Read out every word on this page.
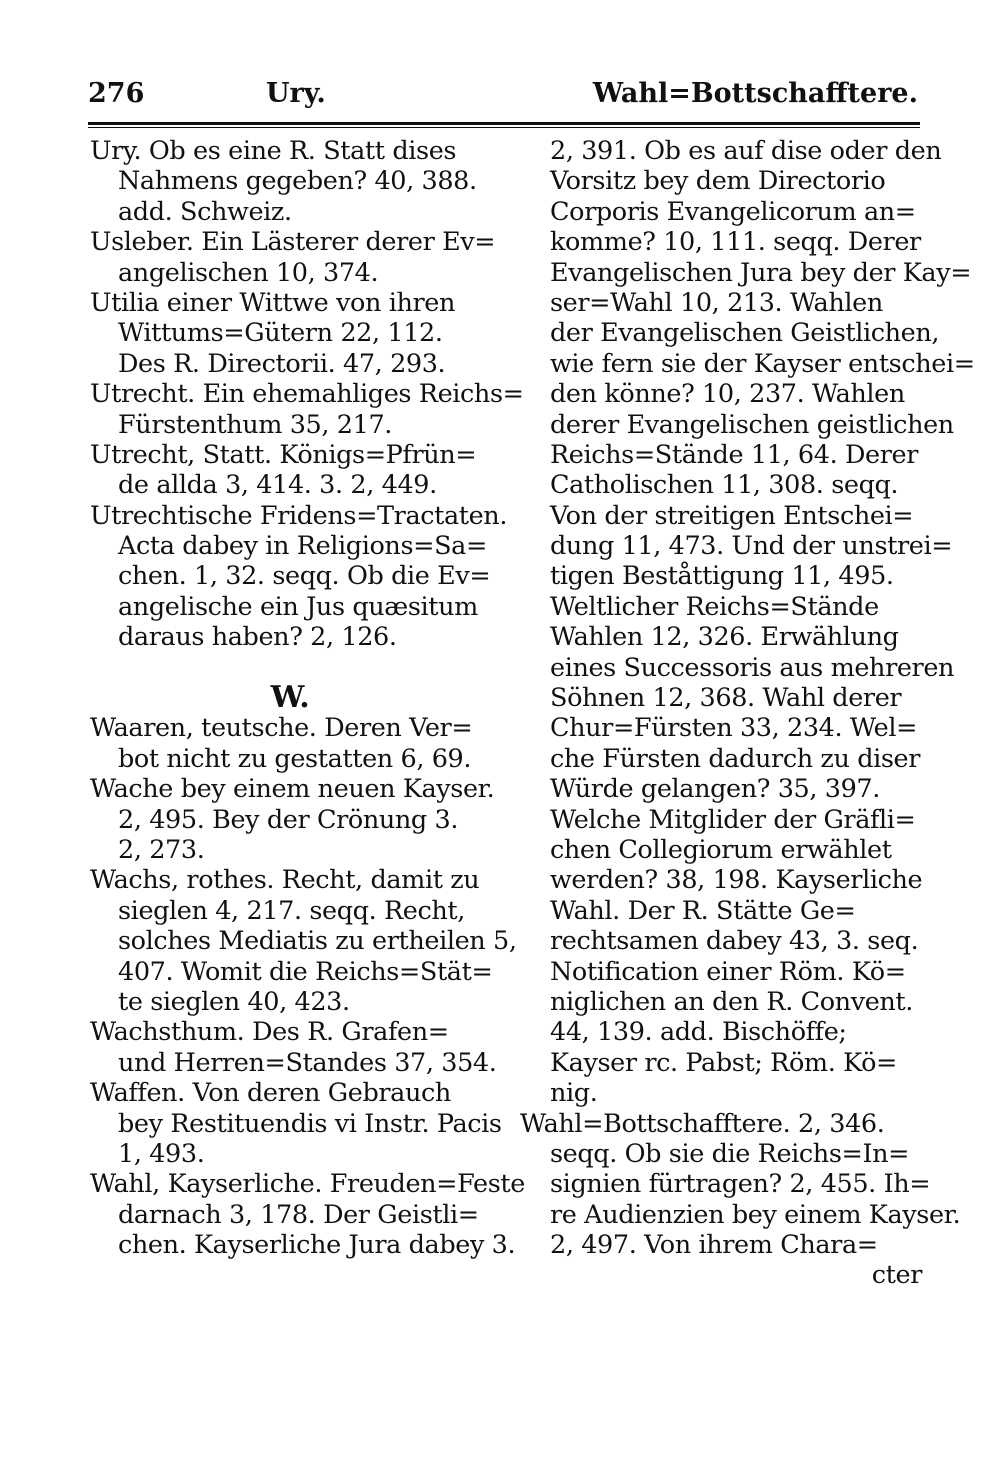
276	Ury.	Wahl=Bottschafftere.
Ury. Ob es eine R. Statt dises
Nahmens gegeben? 40, 388.
add. Schweiz.
Usleber. Ein Lästerer derer Ev=
angelischen 10, 374.
Utilia einer Wittwe von ihren
Wittums=Gütern 22, 112.
Des R. Directorii. 47, 293.
Utrecht. Ein ehemahliges Reichs=
Fürstenthum 35, 217.
Utrecht, Statt. Königs=Pfrün=
de allda 3, 414. 3. 2, 449.
Utrechtische Fridens=Tractaten.
Acta dabey in Religions=Sa=
chen. 1, 32. seqq. Ob die Ev=
angelische ein Jus quæsitum
daraus haben? 2, 126.
W.
Waaren, teutsche. Deren Ver=
bot nicht zu gestatten 6, 69.
Wache bey einem neuen Kayser.
2, 495. Bey der Crönung 3.
2, 273.
Wachs, rothes. Recht, damit zu
sieglen 4, 217. seqq. Recht,
solches Mediatis zu ertheilen 5,
407. Womit die Reichs=Stät=
te sieglen 40, 423.
Wachsthum. Des R. Grafen=
und Herren=Standes 37, 354.
Waffen. Von deren Gebrauch
bey Restituendis vi Instr. Pacis
1, 493.
Wahl, Kayserliche. Freuden=Feste
darnach 3, 178. Der Geistli=
chen. Kayserliche Jura dabey 3.
2, 391. Ob es auf dise oder den
Vorsitz bey dem Directorio
Corporis Evangelicorum an=
komme? 10, 111. seqq. Derer
Evangelischen Jura bey der Kay=
ser=Wahl 10, 213. Wahlen
der Evangelischen Geistlichen,
wie fern sie der Kayser entschei=
den könne? 10, 237. Wahlen
derer Evangelischen geistlichen
Reichs=Stände 11, 64. Derer
Catholischen 11, 308. seqq.
Von der streitigen Entschei=
dung 11, 473. Und der unstrei=
tigen Beståttigung 11, 495.
Weltlicher Reichs=Stände
Wahlen 12, 326. Erwählung
eines Successoris aus mehreren
Söhnen 12, 368. Wahl derer
Chur=Fürsten 33, 234. Wel=
che Fürsten dadurch zu diser
Würde gelangen? 35, 397.
Welche Mitglider der Gräfli=
chen Collegiorum erwählet
werden? 38, 198. Kayserliche
Wahl. Der R. Stätte Ge=
rechtsamen dabey 43, 3. seq.
Notification einer Röm. Kö=
niglichen an den R. Convent.
44, 139. add. Bischöffe;
Kayser rc. Pabst; Röm. Kö=
nig.
Wahl=Bottschafftere. 2, 346.
seqq. Ob sie die Reichs=In=
signien fürtragen? 2, 455. Ih=
re Audienzien bey einem Kayser.
2, 497. Von ihrem Chara=
cter
